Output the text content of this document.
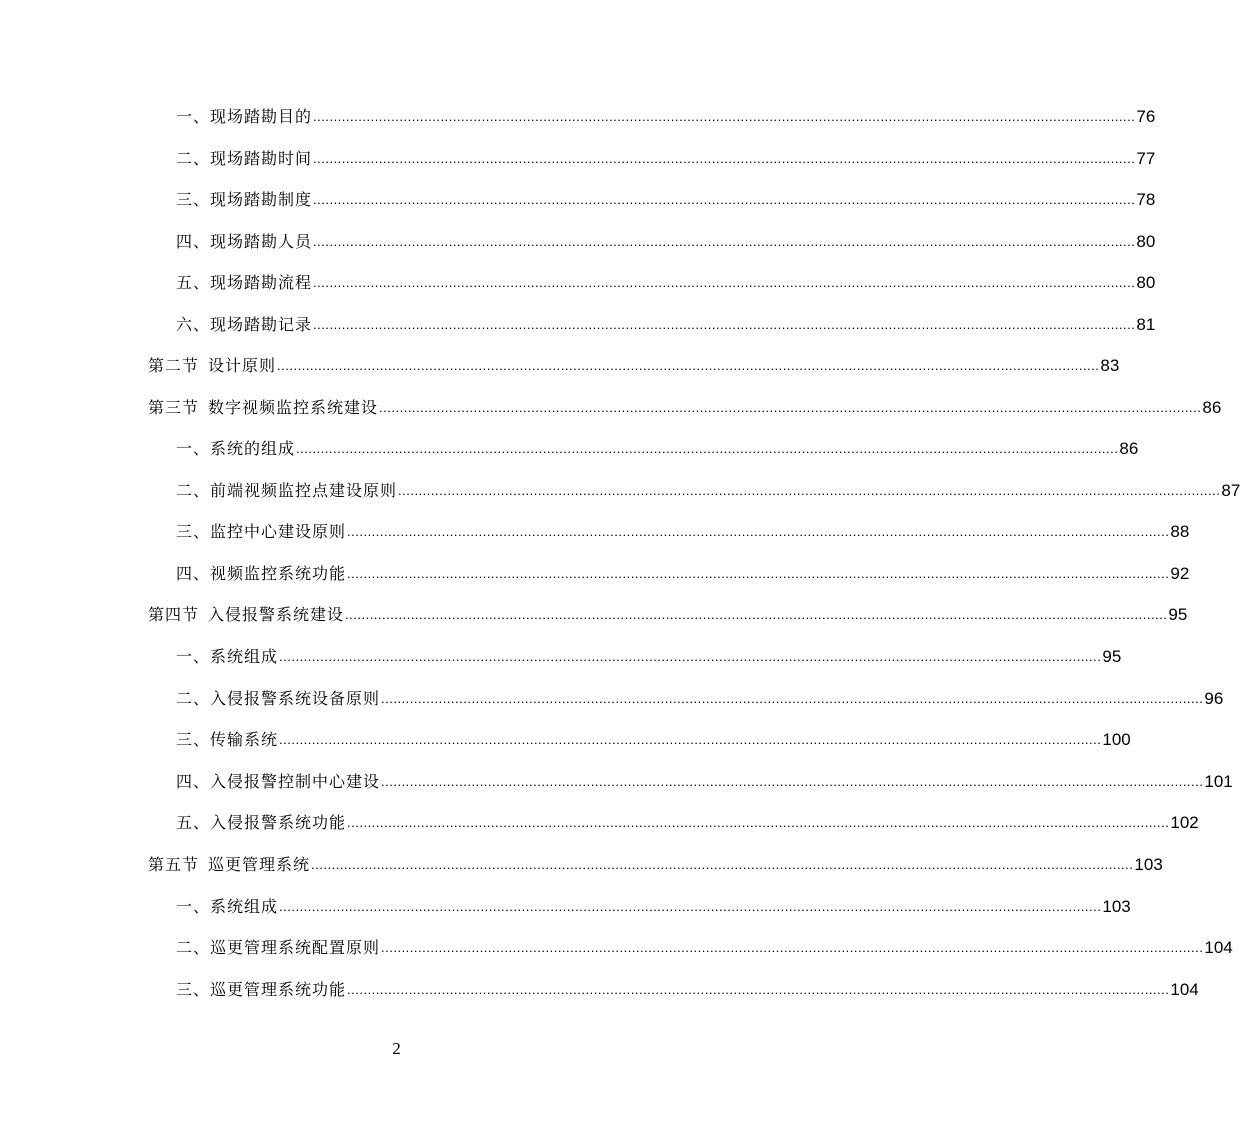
一、现场踏勘目的 ........................................................................................................................................................................................................ 76
二、现场踏勘时间 ........................................................................................................................................................................................................ 77
三、现场踏勘制度 ........................................................................................................................................................................................................ 78
四、现场踏勘人员 ........................................................................................................................................................................................................ 80
五、现场踏勘流程 ........................................................................................................................................................................................................ 80
六、现场踏勘记录 ........................................................................................................................................................................................................ 81
第二节 设计原则 ........................................................................................................................................................................................................ 83
第三节 数字视频监控系统建设 ........................................................................................................................................................................................................ 86
一、系统的组成 ........................................................................................................................................................................................................ 86
二、前端视频监控点建设原则 ........................................................................................................................................................................................................ 87
三、监控中心建设原则 ........................................................................................................................................................................................................ 88
四、视频监控系统功能 ........................................................................................................................................................................................................ 92
第四节 入侵报警系统建设 ........................................................................................................................................................................................................ 95
一、系统组成 ........................................................................................................................................................................................................ 95
二、入侵报警系统设备原则 ........................................................................................................................................................................................................ 96
三、传输系统 ........................................................................................................................................................................................................ 100
四、入侵报警控制中心建设 ........................................................................................................................................................................................................ 101
五、入侵报警系统功能 ........................................................................................................................................................................................................ 102
第五节 巡更管理系统 ........................................................................................................................................................................................................ 103
一、系统组成 ........................................................................................................................................................................................................ 103
二、巡更管理系统配置原则 ........................................................................................................................................................................................................ 104
三、巡更管理系统功能 ........................................................................................................................................................................................................ 104
2
